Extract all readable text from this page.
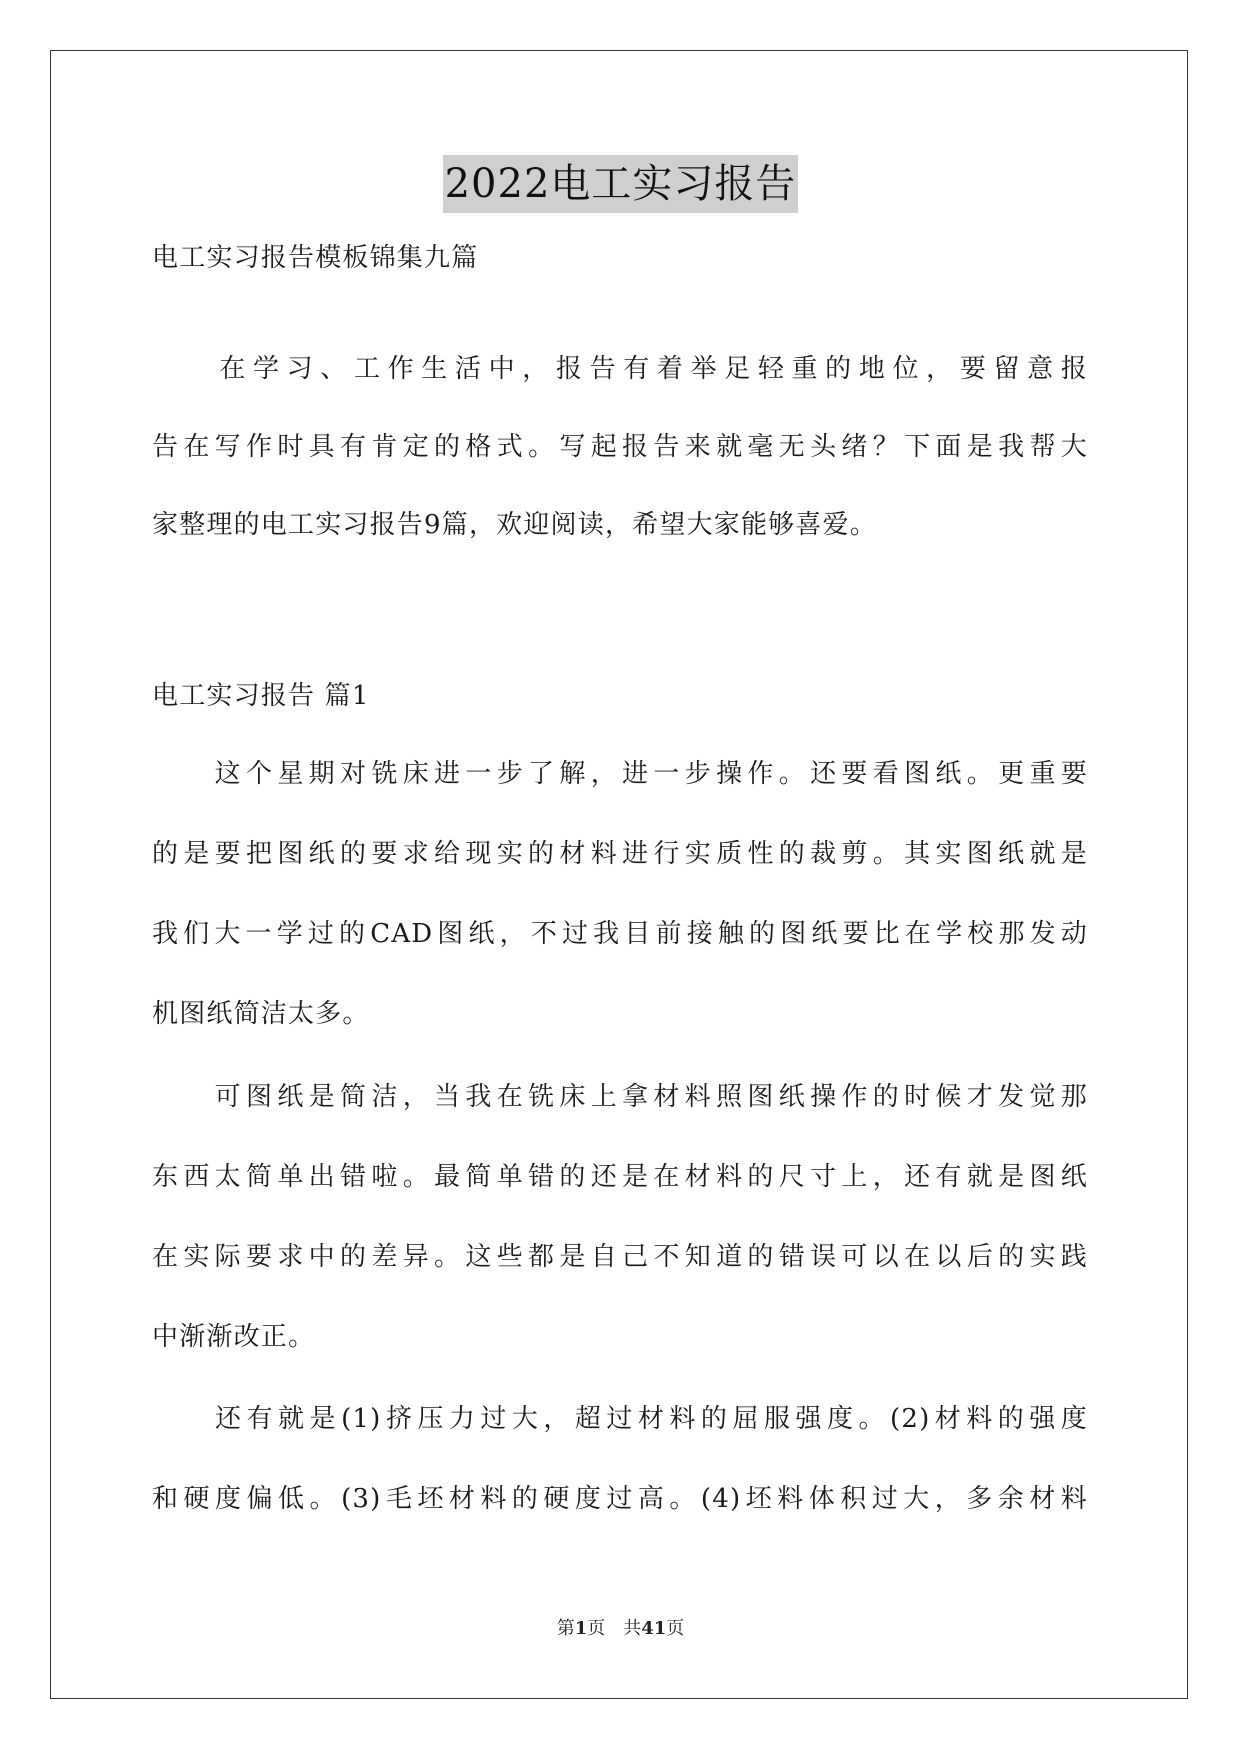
2022电工实习报告
电工实习报告模板锦集九篇
　　在学习、工作生活中，报告有着举足轻重的地位，要留意报
告在写作时具有肯定的格式。写起报告来就毫无头绪？下面是我帮大
家整理的电工实习报告9篇，欢迎阅读，希望大家能够喜爱。
电工实习报告 篇1
　　这个星期对铣床进一步了解，进一步操作。还要看图纸。更重要
的是要把图纸的要求给现实的材料进行实质性的裁剪。其实图纸就是
我们大一学过的CAD图纸，不过我目前接触的图纸要比在学校那发动
机图纸简洁太多。
　　可图纸是简洁，当我在铣床上拿材料照图纸操作的时候才发觉那
东西太简单出错啦。最简单错的还是在材料的尺寸上，还有就是图纸
在实际要求中的差异。这些都是自己不知道的错误可以在以后的实践
中渐渐改正。
　　还有就是(1)挤压力过大，超过材料的屈服强度。(2)材料的强度
和硬度偏低。(3)毛坯材料的硬度过高。(4)坯料体积过大，多余材料
第1页　共41页
